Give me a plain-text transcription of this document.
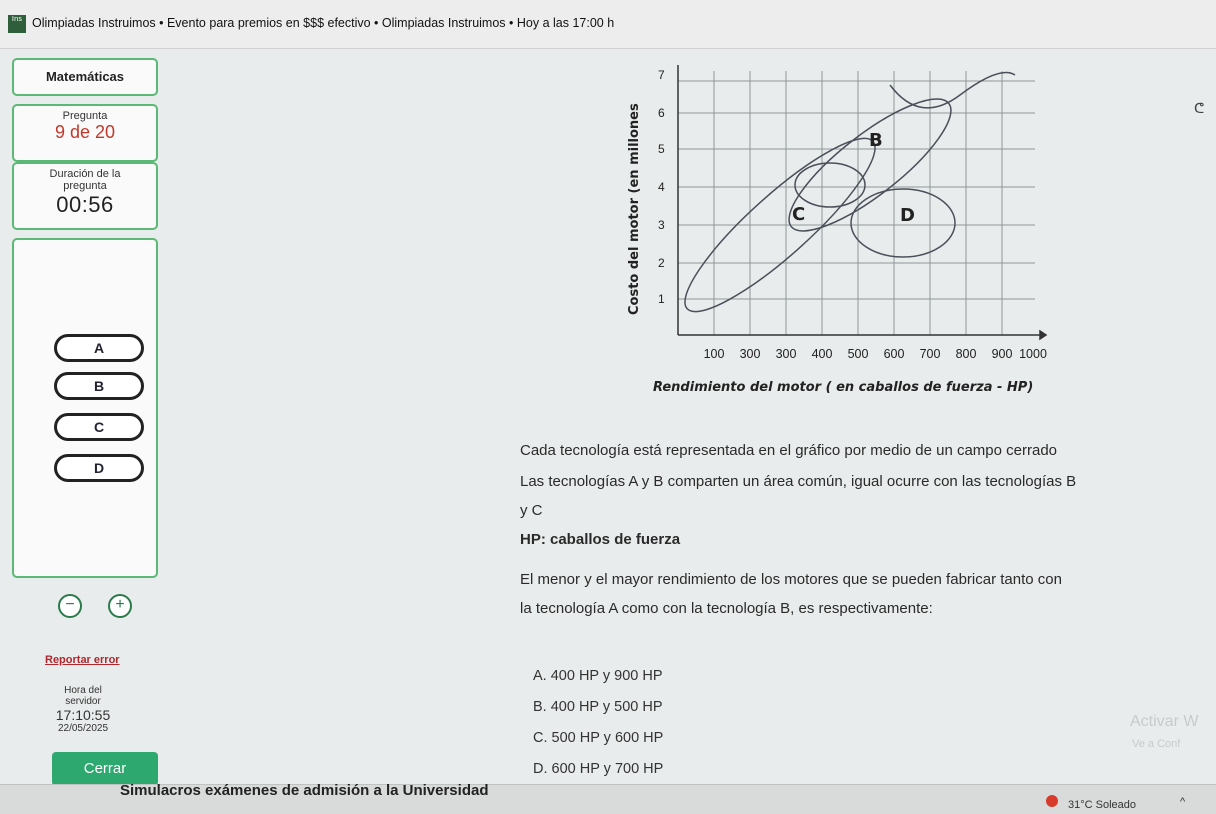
Ins Olimpiadas Instruimos • Evento para premios en $$$ efectivo • Olimpiadas Instruimos • Hoy a las 17:00 h
ᕦ
Matemáticas
Pregunta
9 de 20
Duración de la pregunta
00:56
A
B
C
D
−	+
Reportar error
Hora del
servidor
17:10:55
22/05/2025
Cerrar
B
C	D
1
2
3
4
5
6
7
100 300 300 400 500 600 700 800 900 1000
Costo del motor (en millones
Rendimiento del motor ( en caballos de fuerza - HP)

Cada tecnología está representada en el gráfico por medio de un campo cerrado

Las tecnologías A y B comparten un área común, igual ocurre con las tecnologías B

y C

HP: caballos de fuerza

El menor y el mayor rendimiento de los motores que se pueden fabricar tanto con

la tecnología A como con la tecnología B, es respectivamente:

A. 400 HP y 900 HP
B. 400 HP y 500 HP
C. 500 HP y 600 HP
D. 600 HP y 700 HP
Activar W
Ve a Conf
Simulacros exámenes de admisión a la Universidad
31°C Soleado	^
